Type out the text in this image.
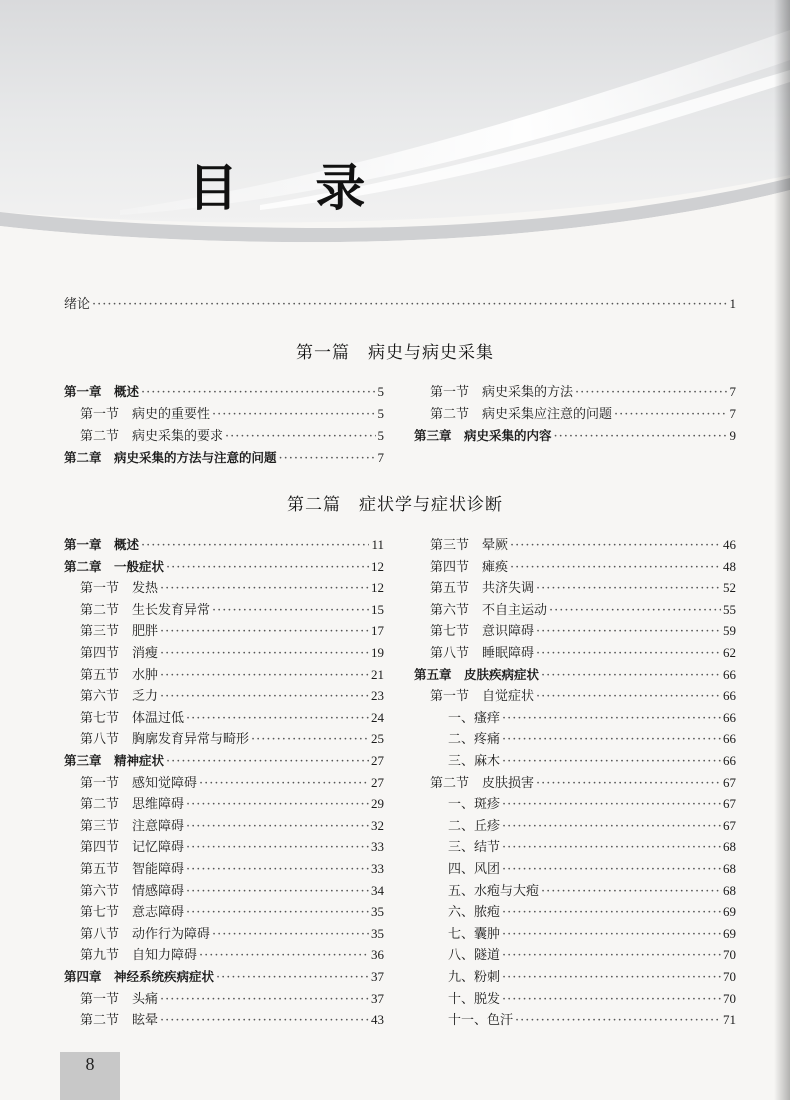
目 录
绪论 ·····	1
第一篇　病史与病史采集
第二篇　症状学与症状诊断
8
第一章　概述 ·····	5
第一节　病史的重要性 ·····	5
第二节　病史采集的要求 ·····	5
第二章　病史采集的方法与注意的问题 ·····	7
第一节　病史采集的方法 ·····	7
第二节　病史采集应注意的问题 ·····	7
第三章　病史采集的内容 ·····	9
第一章　概述 ·····	11
第二章　一般症状 ·····	12
第一节　发热 ·····	12
第二节　生长发育异常 ·····	15
第三节　肥胖 ·····	17
第四节　消瘦 ·····	19
第五节　水肿 ·····	21
第六节　乏力 ·····	23
第七节　体温过低 ·····	24
第八节　胸廓发育异常与畸形 ·····	25
第三章　精神症状 ·····	27
第一节　感知觉障碍 ·····	27
第二节　思维障碍 ·····	29
第三节　注意障碍 ·····	32
第四节　记忆障碍 ·····	33
第五节　智能障碍 ·····	33
第六节　情感障碍 ·····	34
第七节　意志障碍 ·····	35
第八节　动作行为障碍 ·····	35
第九节　自知力障碍 ·····	36
第四章　神经系统疾病症状 ·····	37
第一节　头痛 ·····	37
第二节　眩晕 ·····	43
第三节　晕厥 ·····	46
第四节　瘫痪 ·····	48
第五节　共济失调 ·····	52
第六节　不自主运动 ·····	55
第七节　意识障碍 ·····	59
第八节　睡眠障碍 ·····	62
第五章　皮肤疾病症状 ·····	66
第一节　自觉症状 ·····	66
一、瘙痒 ·····	66
二、疼痛 ·····	66
三、麻木 ·····	66
第二节　皮肤损害 ·····	67
一、斑疹 ·····	67
二、丘疹 ·····	67
三、结节 ·····	68
四、风团 ·····	68
五、水疱与大疱 ·····	68
六、脓疱 ·····	69
七、囊肿 ·····	69
八、隧道 ·····	70
九、粉刺 ·····	70
十、脱发 ·····	70
十一、色汗 ·····	71
